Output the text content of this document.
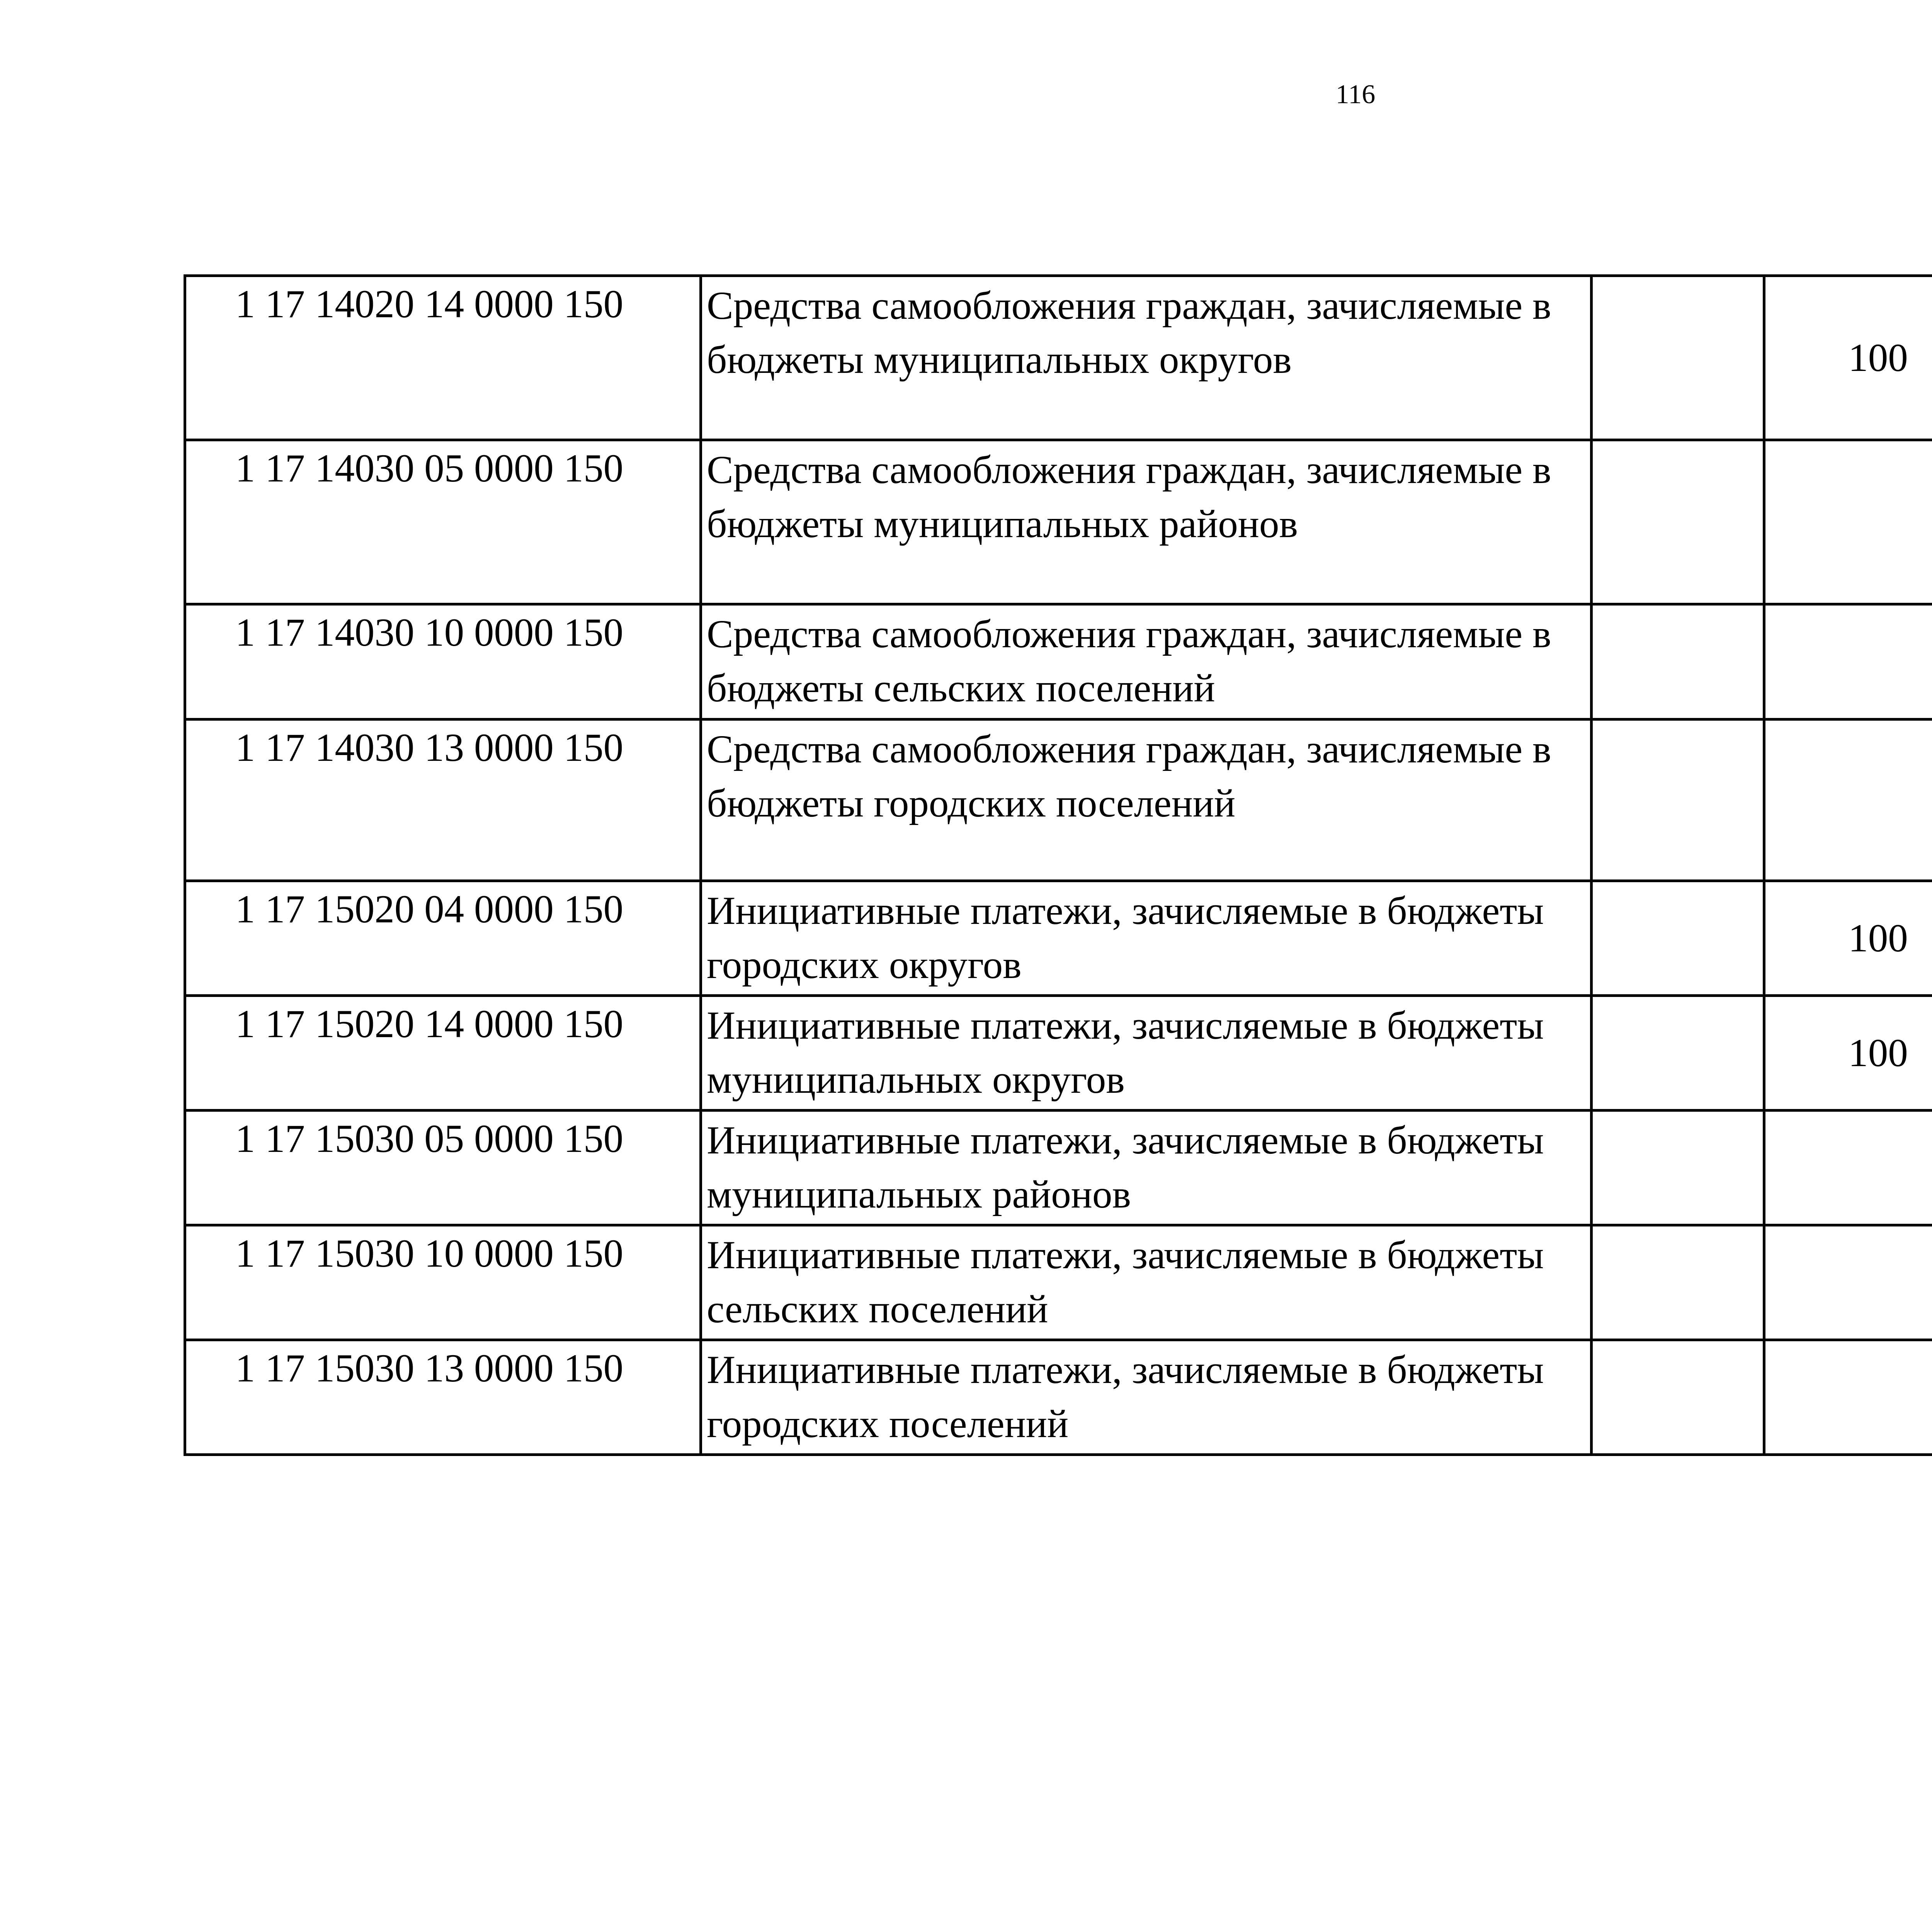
116
1 17 14020 14 0000 150	Средства самообложения граждан, зачисляемые в бюджеты муниципальных округов		100			
1 17 14030 05 0000 150	Средства самообложения граждан, зачисляемые в бюджеты муниципальных районов					
1 17 14030 10 0000 150	Средства самообложения граждан, зачисляемые в бюджеты сельских поселений					
1 17 14030 13 0000 150	Средства самообложения граждан, зачисляемые в бюджеты городских поселений					
1 17 15020 04 0000 150	Инициативные платежи, зачисляемые в бюджеты городских округов		100			
1 17 15020 14 0000 150	Инициативные платежи, зачисляемые в бюджеты муниципальных округов		100			
1 17 15030 05 0000 150	Инициативные платежи, зачисляемые в бюджеты муниципальных районов					
1 17 15030 10 0000 150	Инициативные платежи, зачисляемые в бюджеты сельских поселений					
1 17 15030 13 0000 150	Инициативные платежи, зачисляемые в бюджеты городских поселений					
